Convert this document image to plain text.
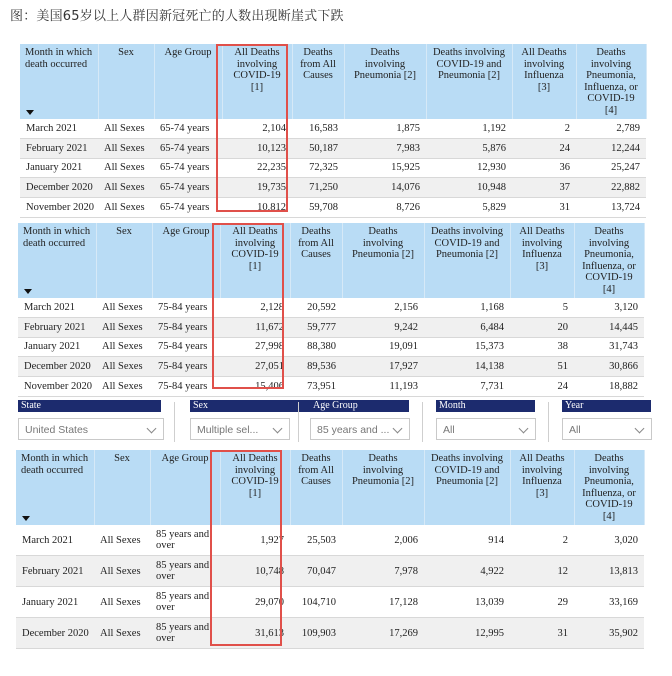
图：美国65岁以上人群因新冠死亡的人数出现断崖式下跌
Month in which death occurred	Sex	Age Group	All Deaths involving COVID-19 [1]	Deaths from All Causes	Deaths involving Pneumonia [2]	Deaths involving COVID-19 and Pneumonia [2]	All Deaths involving Influenza [3]	Deaths involving Pneumonia, Influenza, or COVID-19 [4]
March 2021	All Sexes	65-74 years	2,104	16,583	1,875	1,192	2	2,789
February 2021	All Sexes	65-74 years	10,123	50,187	7,983	5,876	24	12,244
January 2021	All Sexes	65-74 years	22,235	72,325	15,925	12,930	36	25,247
December 2020	All Sexes	65-74 years	19,735	71,250	14,076	10,948	37	22,882
November 2020	All Sexes	65-74 years	10,812	59,708	8,726	5,829	31	13,724
Month in which death occurred	Sex	Age Group	All Deaths involving COVID-19 [1]	Deaths from All Causes	Deaths involving Pneumonia [2]	Deaths involving COVID-19 and Pneumonia [2]	All Deaths involving Influenza [3]	Deaths involving Pneumonia, Influenza, or COVID-19 [4]
March 2021	All Sexes	75-84 years	2,128	20,592	2,156	1,168	5	3,120
February 2021	All Sexes	75-84 years	11,672	59,777	9,242	6,484	20	14,445
January 2021	All Sexes	75-84 years	27,998	88,380	19,091	15,373	38	31,743
December 2020	All Sexes	75-84 years	27,051	89,536	17,927	14,138	51	30,866
November 2020	All Sexes	75-84 years	15,406	73,951	11,193	7,731	24	18,882
State
United States
Sex
Multiple sel...
Age Group
85 years and ...
Month
All
Year
All
Month in which death occurred	Sex	Age Group	All Deaths involving COVID-19 [1]	Deaths from All Causes	Deaths involving Pneumonia [2]	Deaths involving COVID-19 and Pneumonia [2]	All Deaths involving Influenza [3]	Deaths involving Pneumonia, Influenza, or COVID-19 [4]
March 2021	All Sexes	85 years and over	1,927	25,503	2,006	914	2	3,020
February 2021	All Sexes	85 years and over	10,748	70,047	7,978	4,922	12	13,813
January 2021	All Sexes	85 years and over	29,070	104,710	17,128	13,039	29	33,169
December 2020	All Sexes	85 years and over	31,613	109,903	17,269	12,995	31	35,902
